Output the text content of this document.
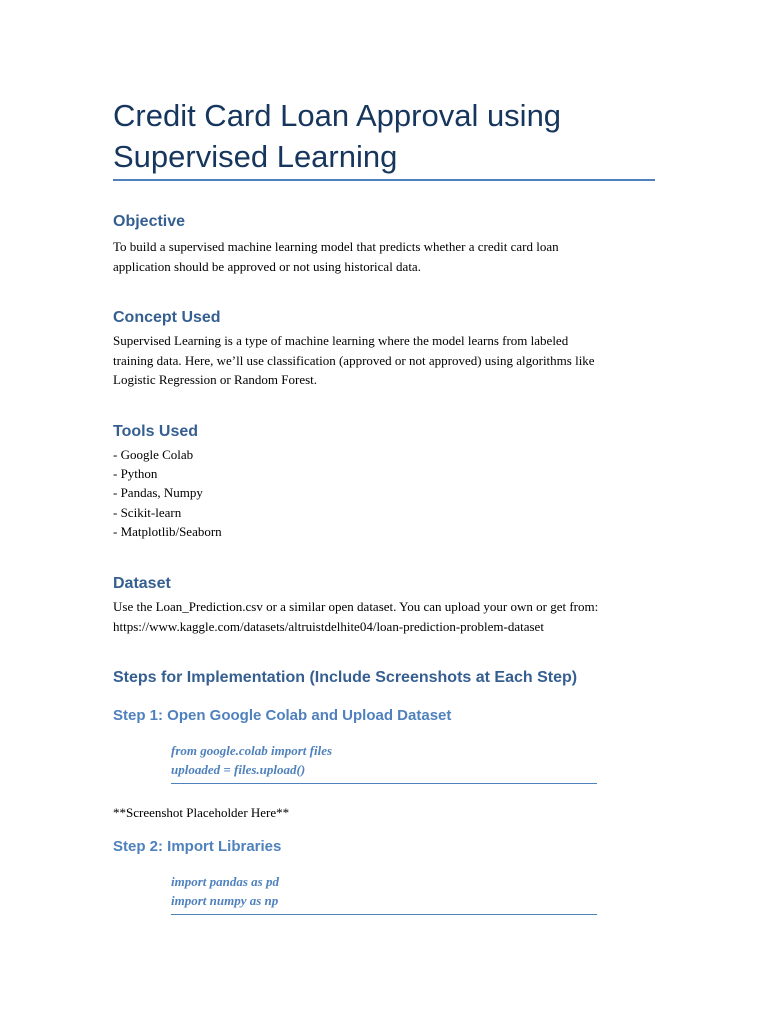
Credit Card Loan Approval using
Supervised Learning
Objective
To build a supervised machine learning model that predicts whether a credit card loan
application should be approved or not using historical data.
Concept Used
Supervised Learning is a type of machine learning where the model learns from labeled
training data. Here, we’ll use classification (approved or not approved) using algorithms like
Logistic Regression or Random Forest.
Tools Used
- Google Colab
- Python
- Pandas, Numpy
- Scikit-learn
- Matplotlib/Seaborn
Dataset
Use the Loan_Prediction.csv or a similar open dataset. You can upload your own or get from:
https://www.kaggle.com/datasets/altruistdelhite04/loan-prediction-problem-dataset
Steps for Implementation (Include Screenshots at Each Step)
Step 1: Open Google Colab and Upload Dataset
from google.colab import files
uploaded = files.upload()
**Screenshot Placeholder Here**
Step 2: Import Libraries
import pandas as pd
import numpy as np
